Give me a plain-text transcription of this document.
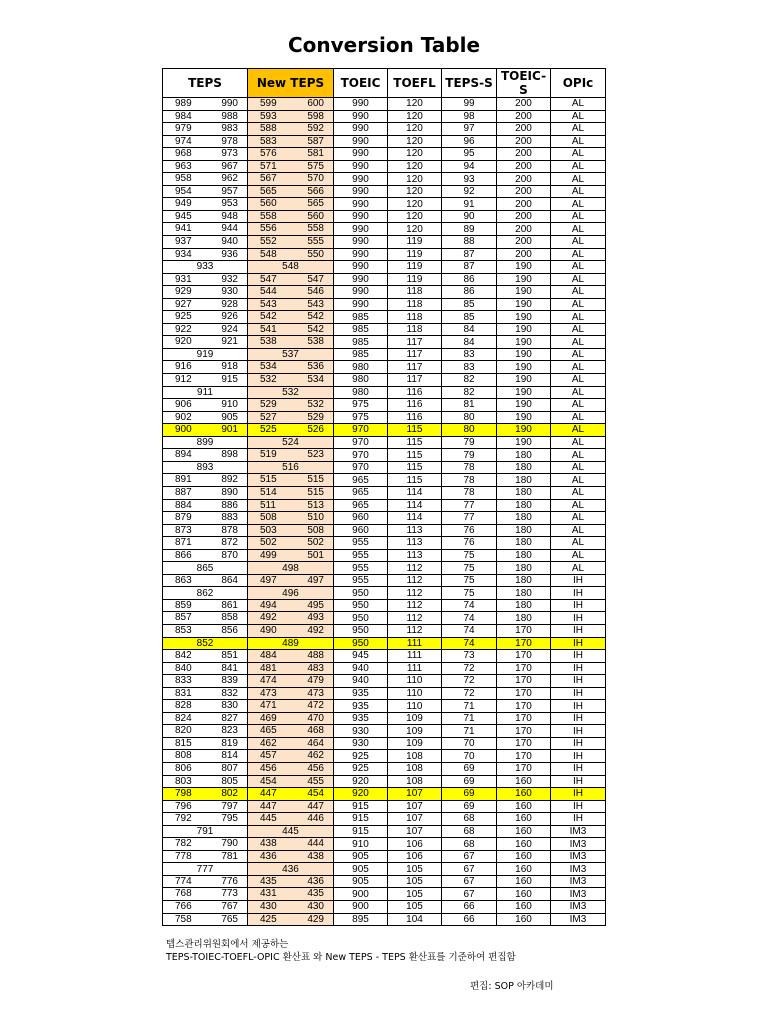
Conversion Table
TEPS	New TEPS	TOEIC	TOEFL	TEPS-S	TOEIC-S	OPIc

989 990	599 600	990	120	99	200	AL

984 988	593 598	990	120	98	200	AL

979 983	588 592	990	120	97	200	AL

974 978	583 587	990	120	96	200	AL

968 973	576 581	990	120	95	200	AL

963 967	571 575	990	120	94	200	AL

958 962	567 570	990	120	93	200	AL

954 957	565 566	990	120	92	200	AL

949 953	560 565	990	120	91	200	AL

945 948	558 560	990	120	90	200	AL

941 944	556 558	990	120	89	200	AL

937 940	552 555	990	119	88	200	AL

934 936	548 550	990	119	87	200	AL
933	548	990	119	87	190	AL

931 932	547 547	990	119	86	190	AL

929 930	544 546	990	118	86	190	AL

927 928	543 543	990	118	85	190	AL

925 926	542 542	985	118	85	190	AL

922 924	541 542	985	118	84	190	AL

920 921	538 538	985	117	84	190	AL
919	537	985	117	83	190	AL

916 918	534 536	980	117	83	190	AL

912 915	532 534	980	117	82	190	AL
911	532	980	116	82	190	AL

906 910	529 532	975	116	81	190	AL

902 905	527 529	975	116	80	190	AL

900 901	525 526	970	115	80	190	AL
899	524	970	115	79	190	AL

894 898	519 523	970	115	79	180	AL
893	516	970	115	78	180	AL

891 892	515 515	965	115	78	180	AL

887 890	514 515	965	114	78	180	AL

884 886	511 513	965	114	77	180	AL

879 883	508 510	960	114	77	180	AL

873 878	503 508	960	113	76	180	AL

871 872	502 502	955	113	76	180	AL

866 870	499 501	955	113	75	180	AL
865	498	955	112	75	180	AL

863 864	497 497	955	112	75	180	IH
862	496	950	112	75	180	IH

859 861	494 495	950	112	74	180	IH

857 858	492 493	950	112	74	180	IH

853 856	490 492	950	112	74	170	IH
852	489	950	111	74	170	IH

842 851	484 488	945	111	73	170	IH

840 841	481 483	940	111	72	170	IH

833 839	474 479	940	110	72	170	IH

831 832	473 473	935	110	72	170	IH

828 830	471 472	935	110	71	170	IH

824 827	469 470	935	109	71	170	IH

820 823	465 468	930	109	71	170	IH

815 819	462 464	930	109	70	170	IH

808 814	457 462	925	108	70	170	IH

806 807	456 456	925	108	69	170	IH

803 805	454 455	920	108	69	160	IH

798 802	447 454	920	107	69	160	IH

796 797	447 447	915	107	69	160	IH

792 795	445 446	915	107	68	160	IH
791	445	915	107	68	160	IM3

782 790	438 444	910	106	68	160	IM3

778 781	436 438	905	106	67	160	IM3
777	436	905	105	67	160	IM3

774 776	435 436	905	105	67	160	IM3

768 773	431 435	900	105	67	160	IM3

766 767	430 430	900	105	66	160	IM3

758 765	425 429	895	104	66	160	IM3
텝스관리위원회에서 제공하는
TEPS-TOIEC-TOEFL-OPIC 환산표 와 New TEPS - TEPS 환산표를 기준하여 편집함
편집: SOP 아카데미
